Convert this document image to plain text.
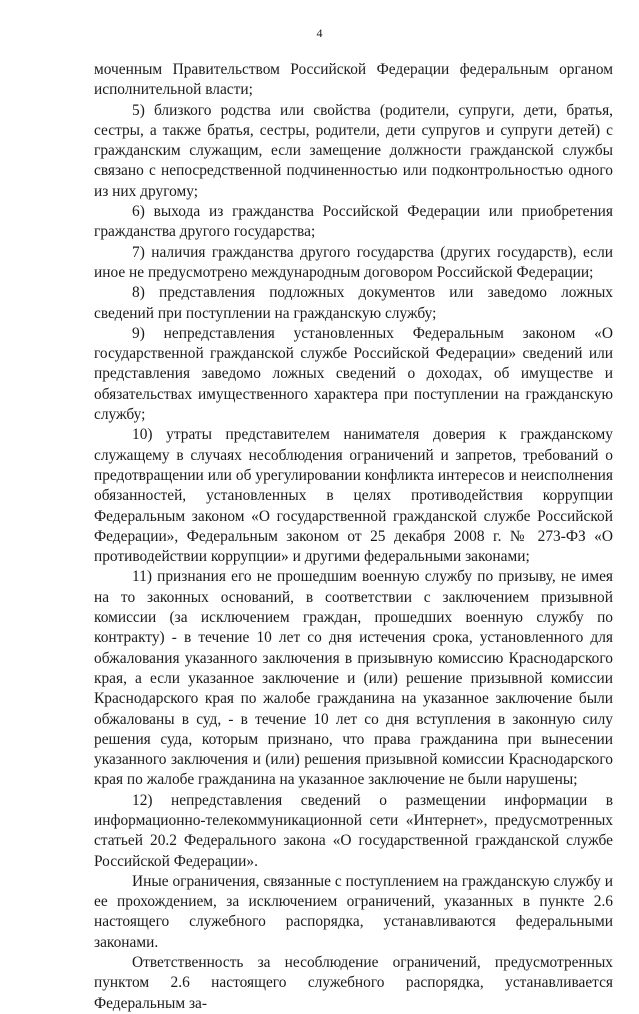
4

моченным Правительством Российской Федерации федеральным органом исполнительной власти;

5) близкого родства или свойства (родители, супруги, дети, братья, сестры, а также братья, сестры, родители, дети супругов и супруги детей) с гражданским служащим, если замещение должности гражданской службы связано с непосредственной подчиненностью или подконтрольностью одного из них другому;

6) выхода из гражданства Российской Федерации или приобретения гражданства другого государства;

7) наличия гражданства другого государства (других государств), если иное не предусмотрено международным договором Российской Федерации;

8) представления подложных документов или заведомо ложных сведений при поступлении на гражданскую службу;

9) непредставления установленных Федеральным законом «О государственной гражданской службе Российской Федерации» сведений или представления заведомо ложных сведений о доходах, об имуществе и обязательствах имущественного характера при поступлении на гражданскую службу;

10) утраты представителем нанимателя доверия к гражданскому служащему в случаях несоблюдения ограничений и запретов, требований о предотвращении или об урегулировании конфликта интересов и неисполнения обязанностей, установленных в целях противодействия коррупции Федеральным законом «О государственной гражданской службе Российской Федерации», Федеральным законом от 25 декабря 2008 г. № 273-ФЗ «О противодействии коррупции» и другими федеральными законами;

11) признания его не прошедшим военную службу по призыву, не имея на то законных оснований, в соответствии с заключением призывной комиссии (за исключением граждан, прошедших военную службу по контракту) - в течение 10 лет со дня истечения срока, установленного для обжалования указанного заключения в призывную комиссию Краснодарского края, а если указанное заключение и (или) решение призывной комиссии Краснодарского края по жалобе гражданина на указанное заключение были обжалованы в суд, - в течение 10 лет со дня вступления в законную силу решения суда, которым признано, что права гражданина при вынесении указанного заключения и (или) решения призывной комиссии Краснодарского края по жалобе гражданина на указанное заключение не были нарушены;

12) непредставления сведений о размещении информации в информационно-телекоммуникационной сети «Интернет», предусмотренных статьей 20.2 Федерального закона «О государственной гражданской службе Российской Федерации».

Иные ограничения, связанные с поступлением на гражданскую службу и ее прохождением, за исключением ограничений, указанных в пункте 2.6 настоящего служебного распорядка, устанавливаются федеральными законами.

Ответственность за несоблюдение ограничений, предусмотренных пунктом 2.6 настоящего служебного распорядка, устанавливается Федеральным за-
